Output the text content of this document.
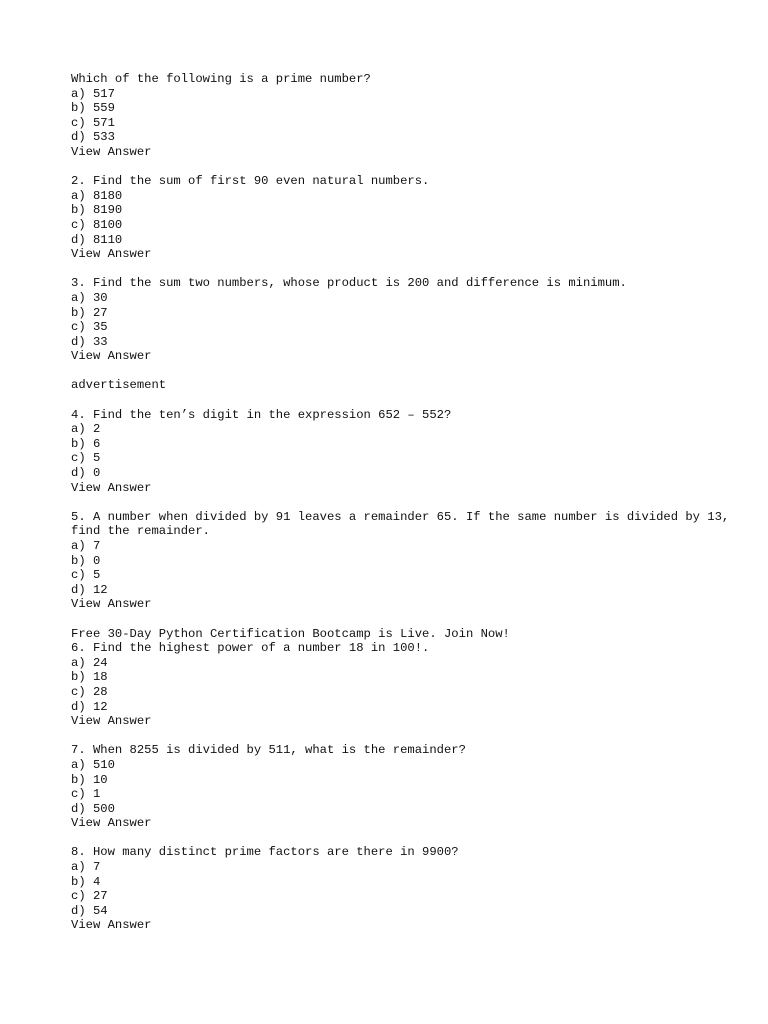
Which of the following is a prime number?
a) 517
b) 559
c) 571
d) 533
View Answer
2. Find the sum of first 90 even natural numbers.
a) 8180
b) 8190
c) 8100
d) 8110
View Answer
3. Find the sum two numbers, whose product is 200 and difference is minimum.
a) 30
b) 27
c) 35
d) 33
View Answer
advertisement
4. Find the ten’s digit in the expression 652 – 552?
a) 2
b) 6
c) 5
d) 0
View Answer
5. A number when divided by 91 leaves a remainder 65. If the same number is divided by 13, find the remainder.
a) 7
b) 0
c) 5
d) 12
View Answer
Free 30-Day Python Certification Bootcamp is Live. Join Now!
6. Find the highest power of a number 18 in 100!.
a) 24
b) 18
c) 28
d) 12
View Answer
7. When 8255 is divided by 511, what is the remainder?
a) 510
b) 10
c) 1
d) 500
View Answer
8. How many distinct prime factors are there in 9900?
a) 7
b) 4
c) 27
d) 54
View Answer
